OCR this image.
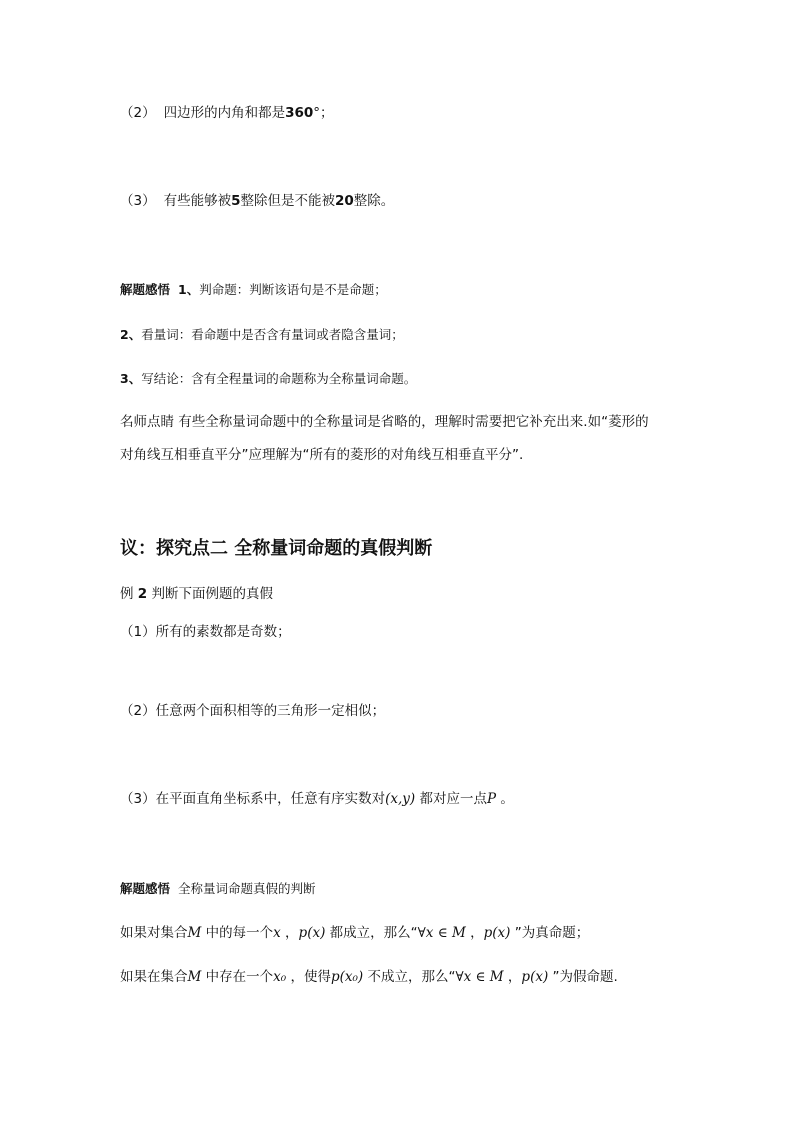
（2） 四边形的内角和都是360°；
（3） 有些能够被5整除但是不能被20整除。
解题感悟 1、判命题：判断该语句是不是命题；
2、看量词：看命题中是否含有量词或者隐含量词；
3、写结论：含有全程量词的命题称为全称量词命题。
名师点睛 有些全称量词命题中的全称量词是省略的，理解时需要把它补充出来.如“菱形的
对角线互相垂直平分”应理解为“所有的菱形的对角线互相垂直平分”.
议：探究点二 全称量词命题的真假判断
例 2 判断下面例题的真假
（1）所有的素数都是奇数；
（2）任意两个面积相等的三角形一定相似；
（3）在平面直角坐标系中，任意有序实数对(x,y) 都对应一点P 。
解题感悟 全称量词命题真假的判断
如果对集合M 中的每一个x ，p(x) 都成立，那么“∀x ∈ M ，p(x) ”为真命题；
如果在集合M 中存在一个x₀ ，使得p(x₀) 不成立，那么“∀x ∈ M ，p(x) ”为假命题.
